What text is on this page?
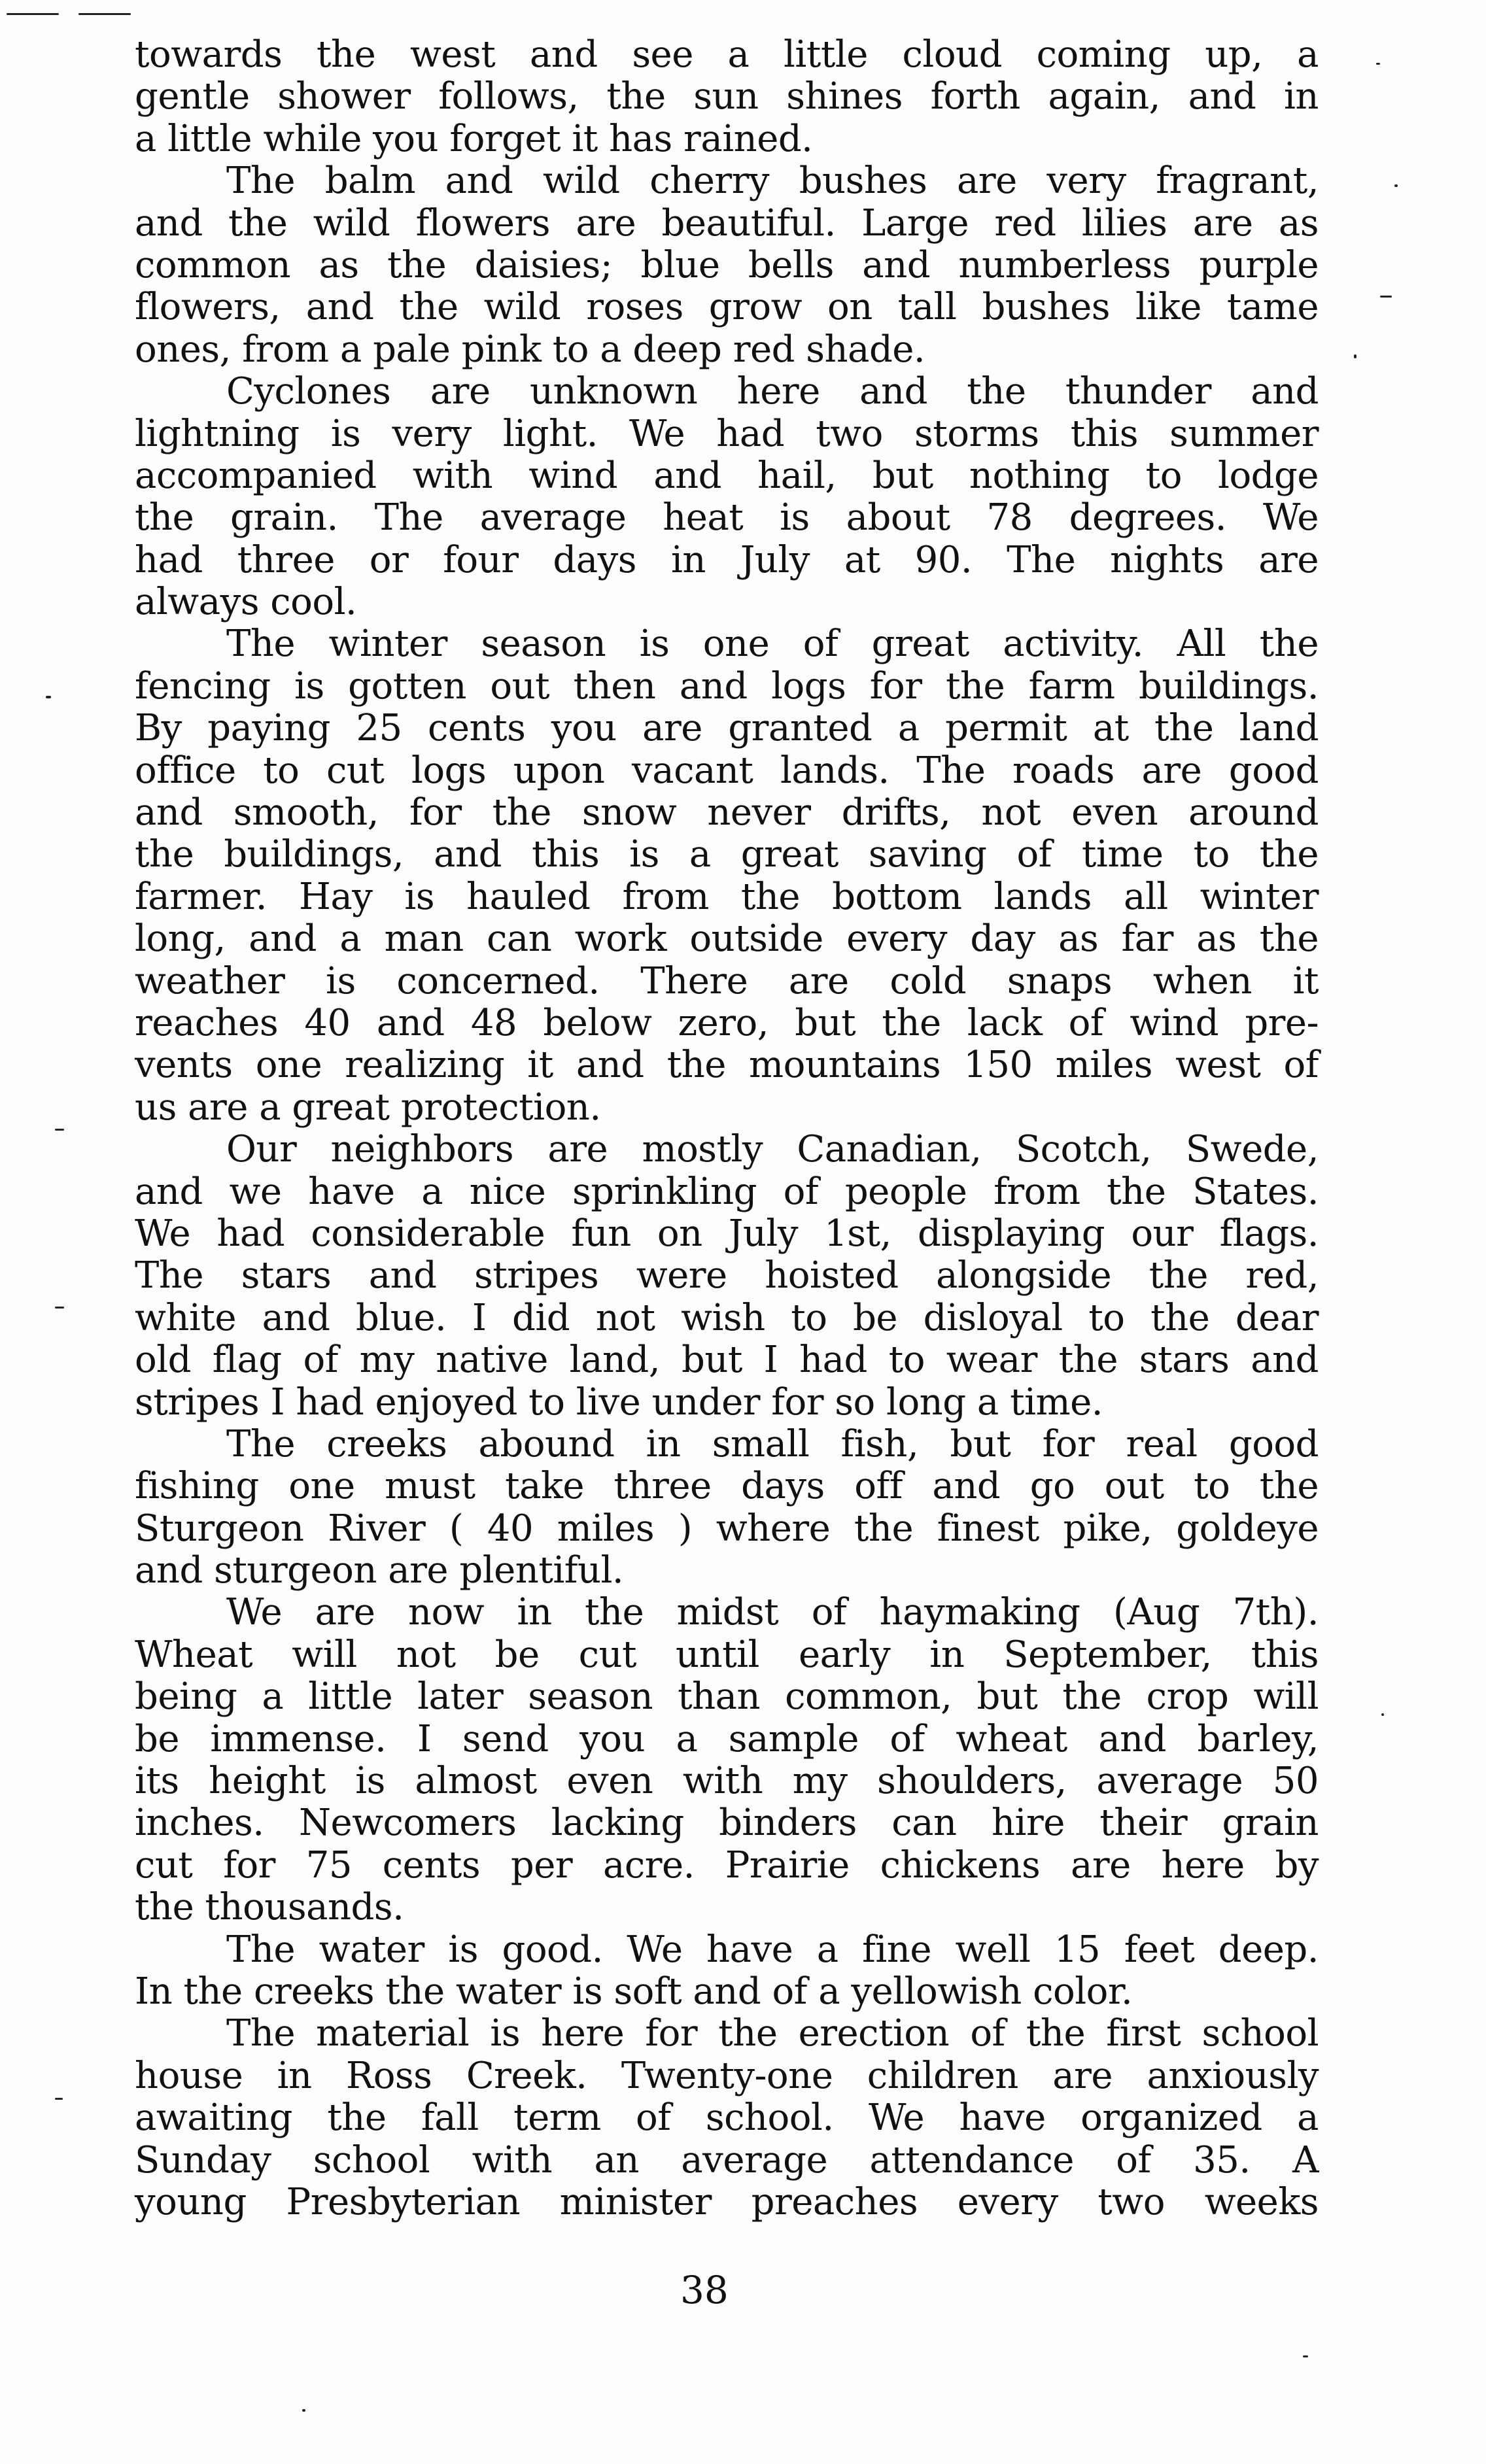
towards the west and see a little cloud coming up, a
gentle shower follows, the sun shines forth again, and in
a little while you forget it has rained.
The balm and wild cherry bushes are very fragrant,
and the wild flowers are beautiful. Large red lilies are as
common as the daisies; blue bells and numberless purple
flowers, and the wild roses grow on tall bushes like tame
ones, from a pale pink to a deep red shade.
Cyclones are unknown here and the thunder and
lightning is very light. We had two storms this summer
accompanied with wind and hail, but nothing to lodge
the grain. The average heat is about 78 degrees. We
had three or four days in July at 90. The nights are
always cool.
The winter season is one of great activity. All the
fencing is gotten out then and logs for the farm buildings.
By paying 25 cents you are granted a permit at the land
office to cut logs upon vacant lands. The roads are good
and smooth, for the snow never drifts, not even around
the buildings, and this is a great saving of time to the
farmer. Hay is hauled from the bottom lands all winter
long, and a man can work outside every day as far as the
weather is concerned. There are cold snaps when it
reaches 40 and 48 below zero, but the lack of wind pre-
vents one realizing it and the mountains 150 miles west of
us are a great protection.
Our neighbors are mostly Canadian, Scotch, Swede,
and we have a nice sprinkling of people from the States.
We had considerable fun on July 1st, displaying our flags.
The stars and stripes were hoisted alongside the red,
white and blue. I did not wish to be disloyal to the dear
old flag of my native land, but I had to wear the stars and
stripes I had enjoyed to live under for so long a time.
The creeks abound in small fish, but for real good
fishing one must take three days off and go out to the
Sturgeon River ( 40 miles ) where the finest pike, goldeye
and sturgeon are plentiful.
We are now in the midst of haymaking (Aug 7th).
Wheat will not be cut until early in September, this
being a little later season than common, but the crop will
be immense. I send you a sample of wheat and barley,
its height is almost even with my shoulders, average 50
inches. Newcomers lacking binders can hire their grain
cut for 75 cents per acre. Prairie chickens are here by
the thousands.
The water is good. We have a fine well 15 feet deep.
In the creeks the water is soft and of a yellowish color.
The material is here for the erection of the first school
house in Ross Creek. Twenty-one children are anxiously
awaiting the fall term of school. We have organized a
Sunday school with an average attendance of 35. A
young Presbyterian minister preaches every two weeks
38
